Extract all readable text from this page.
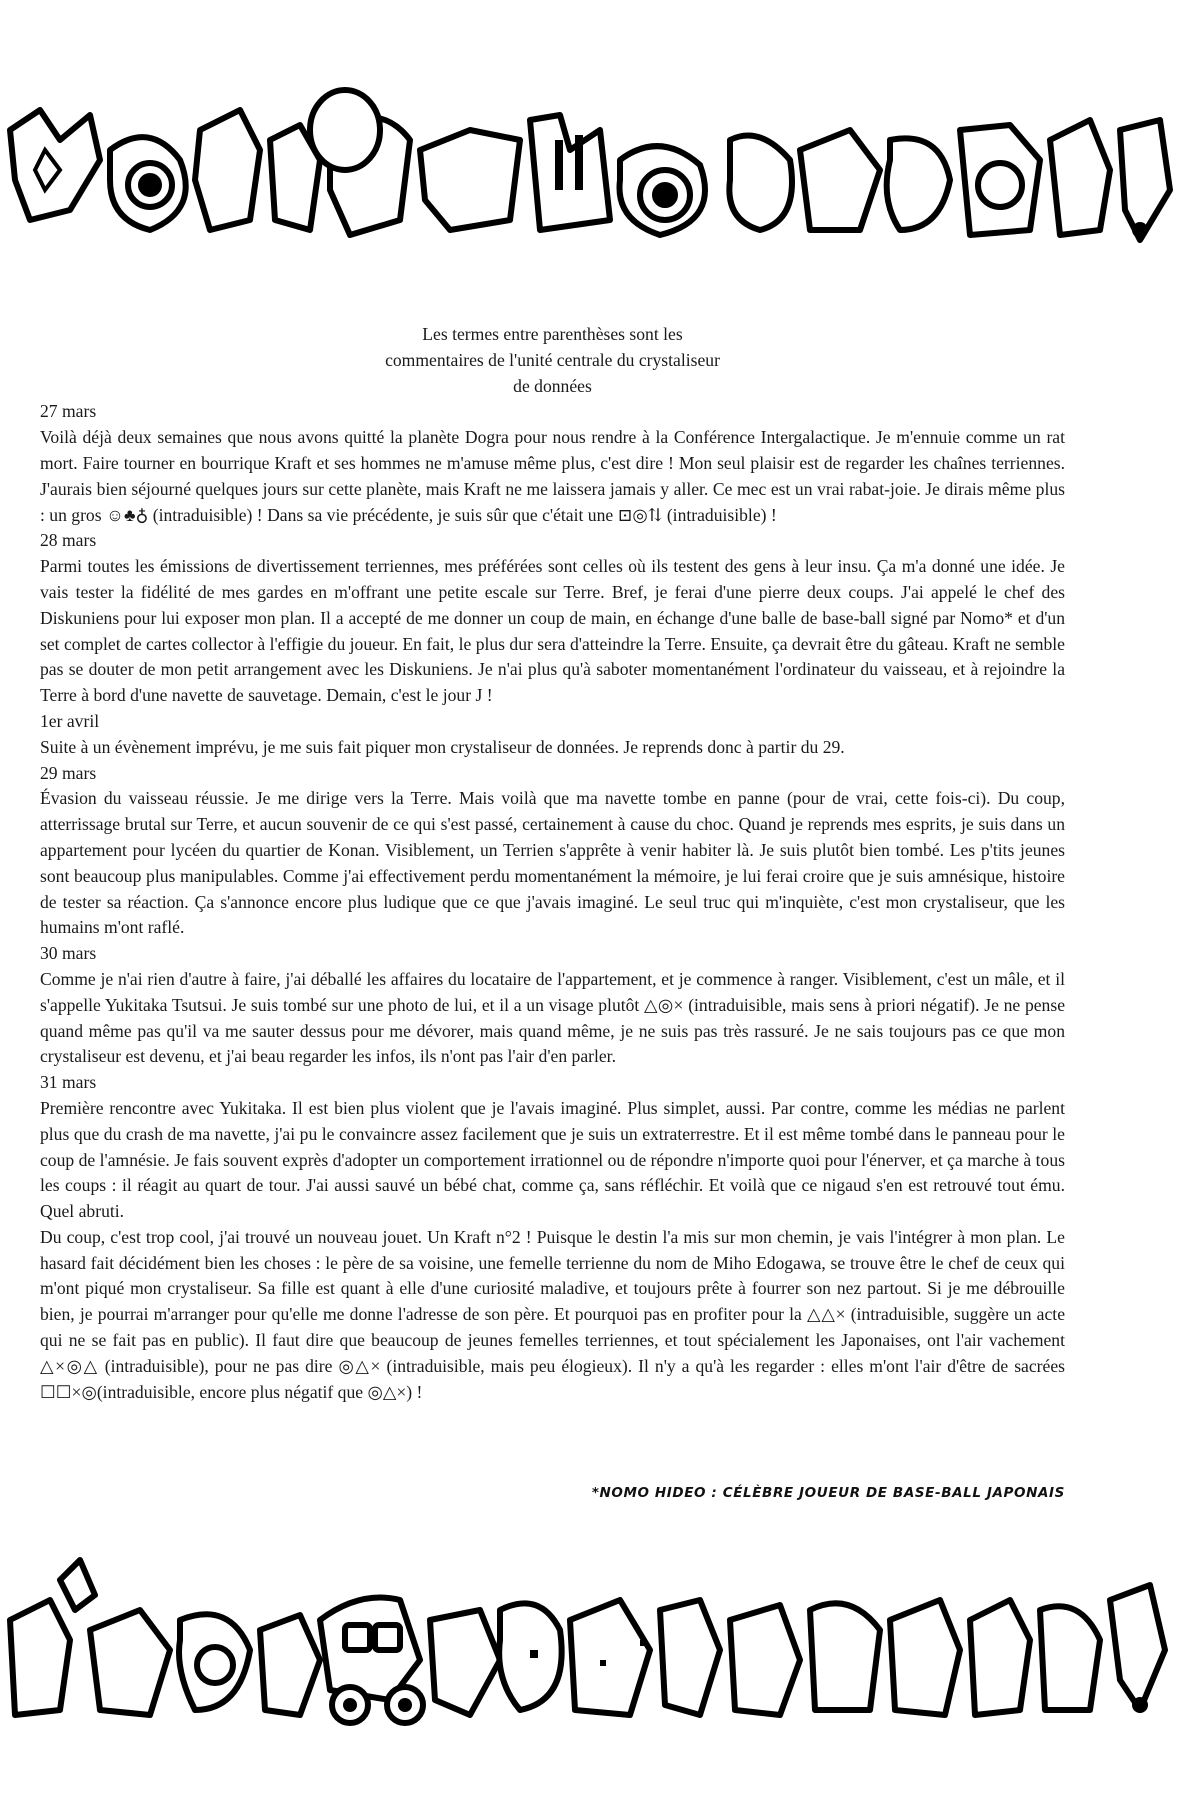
Les termes entre parenthèses sont les
commentaires de l'unité centrale du crystaliseur
de données
27 mars

Voilà déjà deux semaines que nous avons quitté la planète Dogra pour nous rendre à la Conférence Intergalactique. Je m'ennuie comme un rat mort. Faire tourner en bourrique Kraft et ses hommes ne m'amuse même plus, c'est dire ! Mon seul plaisir est de regarder les chaînes terriennes. J'aurais bien séjourné quelques jours sur cette planète, mais Kraft ne me laissera jamais y aller. Ce mec est un vrai rabat-joie. Je dirais même plus : un gros ☺♣♁ (intraduisible) ! Dans sa vie précédente, je suis sûr que c'était une ⊡◎⇅ (intraduisible) !

28 mars

Parmi toutes les émissions de divertissement terriennes, mes préférées sont celles où ils testent des gens à leur insu. Ça m'a donné une idée. Je vais tester la fidélité de mes gardes en m'offrant une petite escale sur Terre. Bref, je ferai d'une pierre deux coups. J'ai appelé le chef des Diskuniens pour lui exposer mon plan. Il a accepté de me donner un coup de main, en échange d'une balle de base-ball signé par Nomo* et d'un set complet de cartes collector à l'effigie du joueur. En fait, le plus dur sera d'atteindre la Terre. Ensuite, ça devrait être du gâteau. Kraft ne semble pas se douter de mon petit arrangement avec les Diskuniens. Je n'ai plus qu'à saboter momentanément l'ordinateur du vaisseau, et à rejoindre la Terre à bord d'une navette de sauvetage. Demain, c'est le jour J !

1er avril

Suite à un évènement imprévu, je me suis fait piquer mon crystaliseur de données. Je reprends donc à partir du 29.

29 mars

Évasion du vaisseau réussie. Je me dirige vers la Terre. Mais voilà que ma navette tombe en panne (pour de vrai, cette fois-ci). Du coup, atterrissage brutal sur Terre, et aucun souvenir de ce qui s'est passé, certainement à cause du choc. Quand je reprends mes esprits, je suis dans un appartement pour lycéen du quartier de Konan. Visiblement, un Terrien s'apprête à venir habiter là. Je suis plutôt bien tombé. Les p'tits jeunes sont beaucoup plus manipulables. Comme j'ai effectivement perdu momentanément la mémoire, je lui ferai croire que je suis amnésique, histoire de tester sa réaction. Ça s'annonce encore plus ludique que ce que j'avais imaginé. Le seul truc qui m'inquiète, c'est mon crystaliseur, que les humains m'ont raflé.

30 mars

Comme je n'ai rien d'autre à faire, j'ai déballé les affaires du locataire de l'appartement, et je commence à ranger. Visiblement, c'est un mâle, et il s'appelle Yukitaka Tsutsui. Je suis tombé sur une photo de lui, et il a un visage plutôt △◎× (intraduisible, mais sens à priori négatif). Je ne pense quand même pas qu'il va me sauter dessus pour me dévorer, mais quand même, je ne suis pas très rassuré. Je ne sais toujours pas ce que mon crystaliseur est devenu, et j'ai beau regarder les infos, ils n'ont pas l'air d'en parler.

31 mars

Première rencontre avec Yukitaka. Il est bien plus violent que je l'avais imaginé. Plus simplet, aussi. Par contre, comme les médias ne parlent plus que du crash de ma navette, j'ai pu le convaincre assez facilement que je suis un extraterrestre. Et il est même tombé dans le panneau pour le coup de l'amnésie. Je fais souvent exprès d'adopter un comportement irrationnel ou de répondre n'importe quoi pour l'énerver, et ça marche à tous les coups : il réagit au quart de tour. J'ai aussi sauvé un bébé chat, comme ça, sans réfléchir. Et voilà que ce nigaud s'en est retrouvé tout ému. Quel abruti.

Du coup, c'est trop cool, j'ai trouvé un nouveau jouet. Un Kraft n°2 ! Puisque le destin l'a mis sur mon chemin, je vais l'intégrer à mon plan. Le hasard fait décidément bien les choses : le père de sa voisine, une femelle terrienne du nom de Miho Edogawa, se trouve être le chef de ceux qui m'ont piqué mon crystaliseur. Sa fille est quant à elle d'une curiosité maladive, et toujours prête à fourrer son nez partout. Si je me débrouille bien, je pourrai m'arranger pour qu'elle me donne l'adresse de son père. Et pourquoi pas en profiter pour la △△× (intraduisible, suggère un acte qui ne se fait pas en public). Il faut dire que beaucoup de jeunes femelles terriennes, et tout spécialement les Japonaises, ont l'air vachement △×◎△ (intraduisible), pour ne pas dire ◎△× (intraduisible, mais peu élogieux). Il n'y a qu'à les regarder : elles m'ont l'air d'être de sacrées ☐☐×◎(intraduisible, encore plus négatif que ◎△×) !

*NOMO HIDEO : CÉLÈBRE JOUEUR DE BASE-BALL JAPONAIS
